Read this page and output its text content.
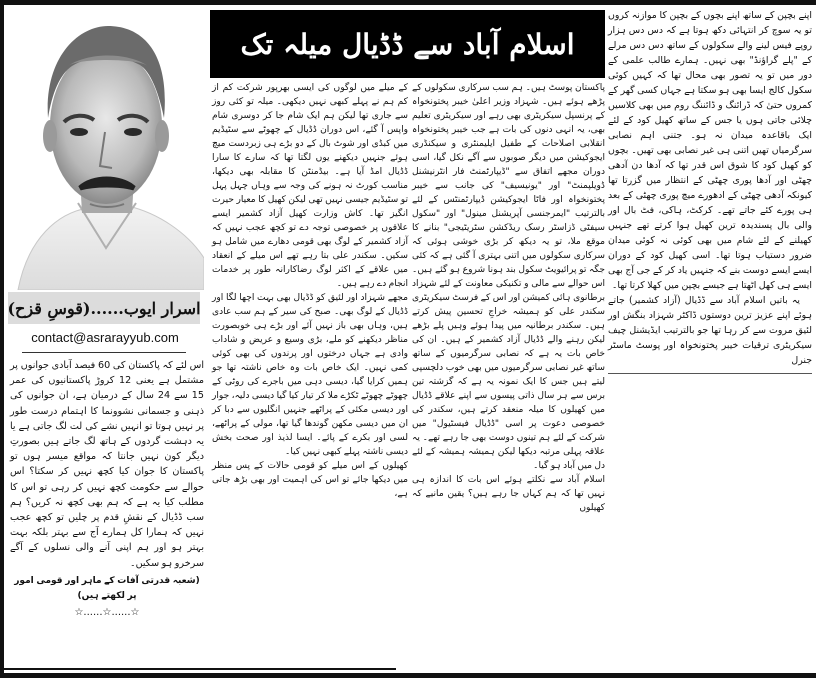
اسرار ایوب......(قوسِ قزح)
contact@asrarayyub.com
اسلام آباد سے ڈڈیال میلہ تک

اپنے بچپن کے ساتھ اپنے بچوں کے بچپن کا موازنہ کروں تو یہ سوچ کر انتہائی دکھ ہوتا ہے کہ دس دس ہزار روپے فیس لینے والے سکولوں کے ساتھ دس دس مرلے کے "پلے گراؤنڈ" بھی نہیں۔ ہمارے طالب علمی کے دور میں تو یہ تصور بھی محال تھا کہ کہیں کوئی سکول کالج ایسا بھی ہو سکتا ہے جہاں کسی گھر کے کمروں حتیٰ کہ ڈرائنگ و ڈائننگ روم میں بھی کلاسیں چلائی جاتی ہوں یا جس کے ساتھ کھیل کود کے لئے ایک باقاعدہ میدان نہ ہو۔ جتنی اہم نصابی سرگرمیاں تھیں اتنی ہی غیر نصابی بھی تھیں۔ بچوں کو کھیل کود کا شوق اس قدر تھا کہ آدھا دن آدھی چھٹی اور آدھا پوری چھٹی کے انتظار میں گزرتا تھا کیونکہ آدھی چھٹی کے ادھورے میچ پوری چھٹی کے بعد ہی پورے کئے جاتے تھے۔ کرکٹ، ہاکی، فٹ بال اور والی بال پسندیدہ ترین کھیل ہوا کرتے تھے جنہیں کھیلنے کے لئے شام میں بھی کوئی نہ کوئی میدان ضرور دستیاب ہوتا تھا۔ اسی کھیل کود کے دوران ایسے ایسے دوست بنے کہ جنہیں یاد کر کے جی آج بھی ایسے ہی کھل اٹھتا ہے جیسے بچپن میں کھلا کرتا تھا۔

یہ باتیں اسلام آباد سے ڈڈیال (آزاد کشمیر) جاتے ہوئے اپنے عزیز ترین دوستوں ڈاکٹر شہزاد بنگش اور لئیق مروت سے کر رہا تھا جو بالترتیب ایڈیشنل چیف سیکریٹری ترقیات خیبر پختونخواہ اور پوسٹ ماسٹر جنرل

پاکستان پوسٹ ہیں۔ ہم سب سرکاری سکولوں کے پڑھے ہوئے ہیں۔ شہزاد وزیر اعلیٰ خیبر پختونخواہ کے پرنسپل سیکریٹری بھی رہے اور سیکریٹری تعلیم بھی، یہ انہی دنوں کی بات ہے جب خیبر پختونخواہ انقلابی اصلاحات کے طفیل ایلیمنٹری و سیکنڈری ایجوکیشن میں دیگر صوبوں سے آگے نکل گیا، اسی دوران مجھے اتفاق سے "ڈیپارٹمنٹ فار انٹرنیشنل ڈویلپمنٹ" اور "یونیسیف" کی جانب سے خیبر پختونخواہ اور فاٹا ایجوکیشن ڈیپارٹمنٹس کے لئے بالترتیب "ایمرجنسی آپریشنل مینول" اور "سکول سیفٹی ڈزاسٹر رسک ریڈکشن سٹریٹیجی" بنانے کا موقع ملا، تو یہ دیکھ کر بڑی خوشی ہوئی کہ سرکاری سکولوں میں اتنی بہتری آ گئی ہے کہ کئی جگہ تو پرائیویٹ سکول بند ہونا شروع ہو گئے ہیں۔ اس حوالے سے مالی و تکنیکی معاونت کے لئے شہزاد برطانوی ہائی کمیشن اور اس کے فرسٹ سیکریٹری سکندر علی کو ہمیشہ خراجِ تحسین پیش کرتے ہیں۔ سکندر برطانیہ میں پیدا ہوئے وہیں پلے بڑھے لیکن رہنے والے ڈڈیال آزاد کشمیر کے ہیں۔ ان کی خاص بات یہ ہے کہ نصابی سرگرمیوں کے ساتھ ساتھ غیر نصابی سرگرمیوں میں بھی خوب دلچسپی لیتے ہیں جس کا ایک نمونہ یہ ہے کہ گزشتہ تین برس سے ہر سال ذاتی پیسوں سے اپنے علاقے ڈڈیال میں کھیلوں کا میلہ منعقد کرتے ہیں، سکندر کی خصوصی دعوت پر اسی "ڈڈیال فیسٹیول" میں شرکت کے لئے ہم تینوں دوست بھی جا رہے تھے۔ یہ علاقہ پہلی مرتبہ دیکھا لیکن ہمیشہ ہمیشہ کے لئے دل میں آباد ہو گیا۔

اسلام آباد سے نکلتے ہوئے اس بات کا اندازہ ہی نہیں تھا کہ ہم کہاں جا رہے ہیں؟ یقین مانیے کہ کھیلوں

کے میلے میں لوگوں کی ایسی بھرپور شرکت کم از کم ہم نے پہلے کبھی نہیں دیکھی۔ میلہ تو کئی روز سے جاری تھا لیکن ہم ایک شام جا کر دوسری شام واپس آ گئے، اس دوران ڈڈیال کے چھوٹے سے سٹیڈیم میں کبڈی اور شوٹ بال کے دو بڑے ہی زبردست میچ ہوئے جنہیں دیکھنے یوں لگتا تھا کہ سارے کا سارا ڈڈیال امڈ آیا ہے۔ بیڈمنٹن کا مقابلہ بھی دیکھا، مناسب کورٹ نہ ہونے کی وجہ سے وہاں چہل پہل تو سٹیڈیم جیسی نہیں تھی لیکن کھیل کا معیار حیرت انگیز تھا۔ کاش وزارت کھیل آزاد کشمیر ایسے علاقوں پر خصوصی توجہ دے تو کچھ عجب نہیں کہ آزاد کشمیر کے لوگ بھی قومی دھارے میں شامل ہو سکیں۔ سکندر علی بتا رہے تھے اس میلے کے انعقاد میں علاقے کے اکثر لوگ رضاکارانہ طور پر خدمات انجام دے رہے ہیں۔

مجھے شہزاد اور لئیق کو ڈڈیال بھی بہت اچھا لگا اور ڈڈیال کے لوگ بھی۔ صبح کی سیر کے ہم سب عادی ہیں، وہاں بھی باز نہیں آئے اور بڑے ہی خوبصورت مناظر دیکھنے کو ملے، بڑی وسیع و عریض و شاداب وادی ہے جہاں درختوں اور پرندوں کی بھی کوئی کمی نہیں۔ ایک خاص بات وہ خاص ناشتہ تھا جو ہمیں کرایا گیا، دیسی دہی میں باجرے کی روٹی کے چھوٹے چھوٹے ٹکڑے ملا کر تیار کیا گیا دیسی دلیہ، جوار اور دیسی مکئی کے پراٹھے جنہیں انگلیوں سے دبا کر ان میں دیسی مکھن گوندھا گیا تھا، مولی کے پراٹھے، لسی اور بکرے کے پائے۔ ایسا لذیذ اور صحت بخش دیسی ناشتہ پہلے کبھی نہیں کیا۔

کھیلوں کے اس میلے کو قومی حالات کے پس منظر میں دیکھا جائے تو اس کی اہمیت اور بھی بڑھ جاتی ہے،

اس لئے کہ پاکستان کی 60 فیصد آبادی جوانوں پر مشتمل ہے یعنی 12 کروڑ پاکستانیوں کی عمر 15 سے 24 سال کے درمیان ہے، ان جوانوں کی ذہنی و جسمانی نشوونما کا اہتمام درست طور پر نہیں ہوتا تو انہیں نشے کی لت لگ جاتی ہے یا یہ دہشت گردوں کے ہاتھ لگ جاتے ہیں بصورتِ دیگر کون نہیں جانتا کہ مواقع میسر ہوں تو پاکستان کا جوان کیا کچھ نہیں کر سکتا؟ اس حوالے سے حکومت کچھ نہیں کر رہی تو اس کا مطلب کیا یہ ہے کہ ہم بھی کچھ نہ کریں؟ ہم سب ڈڈیال کے نقشِ قدم پر چلیں تو کچھ عجب نہیں کہ ہمارا کل ہمارے آج سے بہتر بلکہ بہت بہتر ہو اور ہم اپنی آنے والی نسلوں کے آگے سرخرو ہو سکیں۔

(شعبہ قدرتی آفات کے ماہر اور قومی امور پر لکھتے ہیں)
☆......☆......☆
